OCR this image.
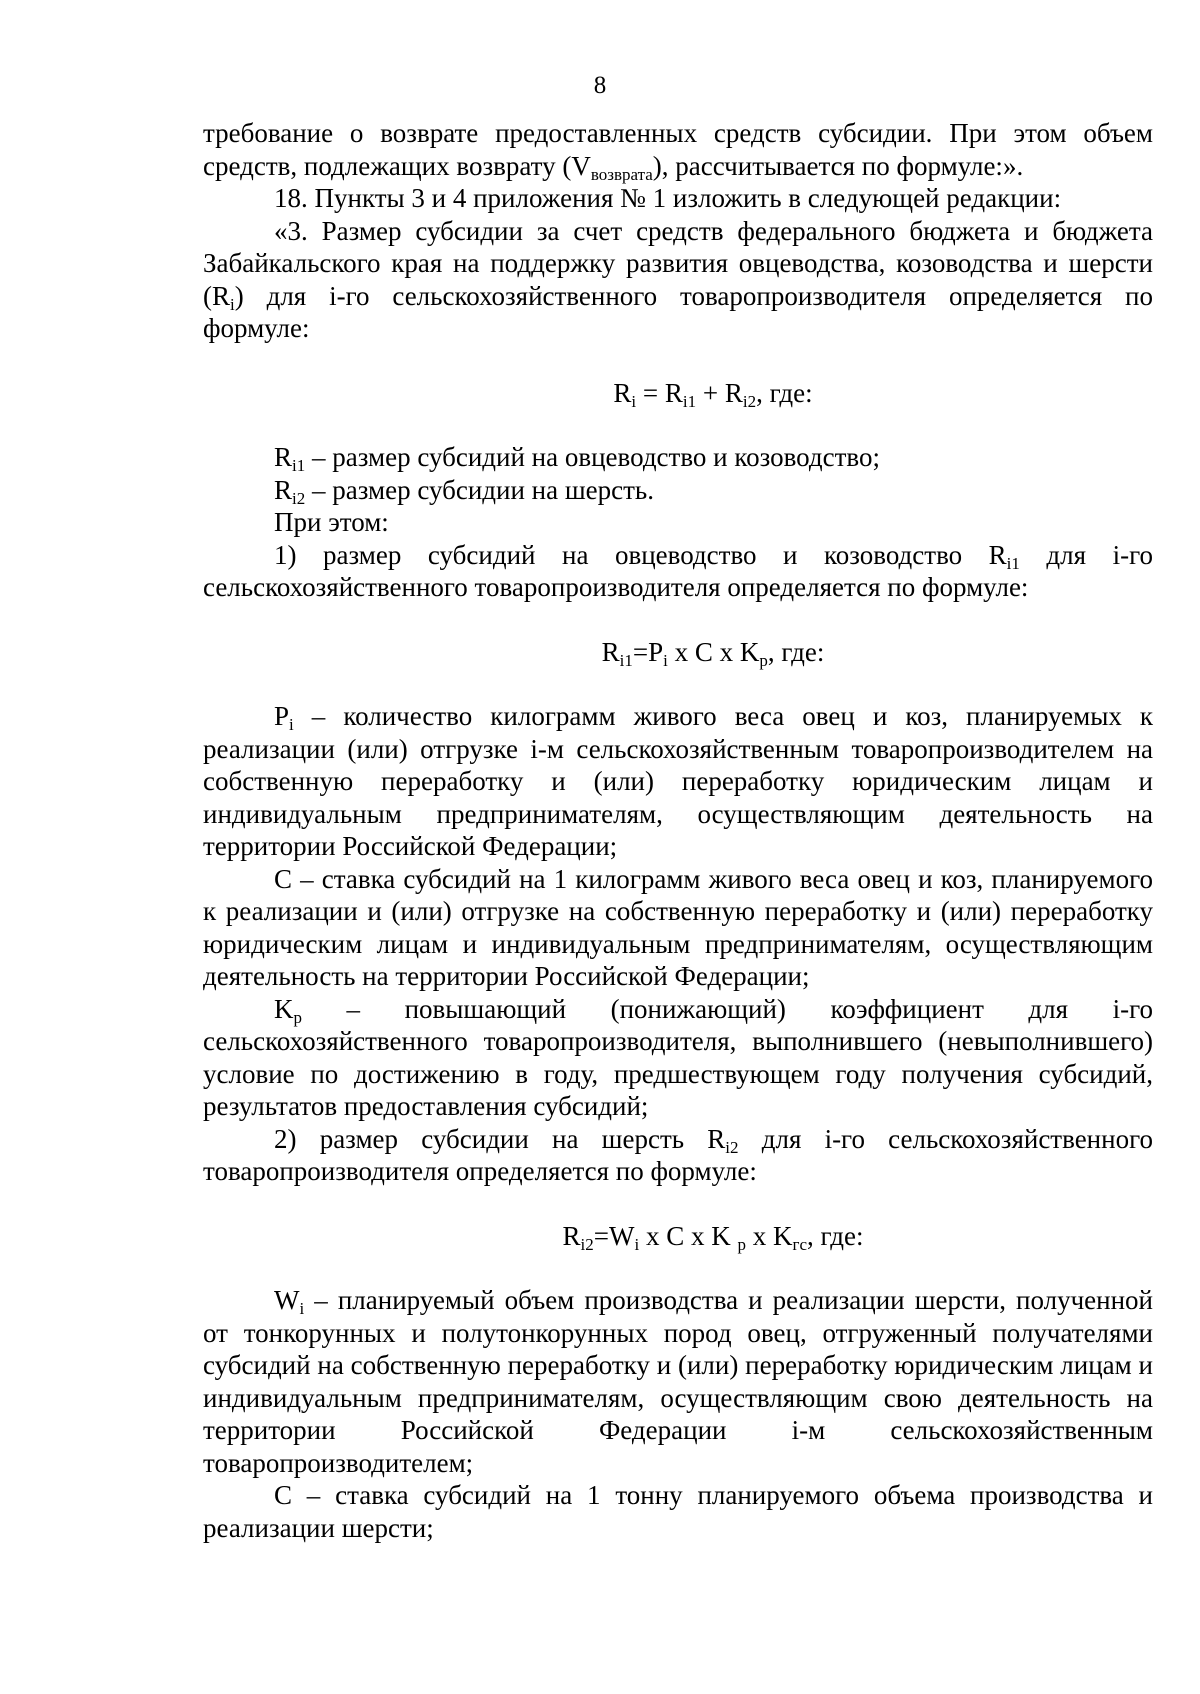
8

требование о возврате предоставленных средств субсидии. При этом объем средств, подлежащих возврату $(V_{возврата})$, рассчитывается по формуле:».

18. Пункты 3 и 4 приложения № 1 изложить в следующей редакции:

«3. Размер субсидии за счет средств федерального бюджета и бюджета Забайкальского края на поддержку развития овцеводства, козоводства и шерсти $(R_i)$ для i-го сельскохозяйственного товаропроизводителя определяется по формуле:

$R_i = R_{i1} + R_{i2}$, где:

$R_{i1}$ – размер субсидий на овцеводство и козоводство;

$R_{i2}$ – размер субсидии на шерсть.

При этом:

1) размер субсидий на овцеводство и козоводство $R_{i1}$ для i-го сельскохозяйственного товаропроизводителя определяется по формуле:

$R_{i1}=P_i$ x C x $K_р$, где:

$P_i$ – количество килограмм живого веса овец и коз, планируемых к реализации (или) отгрузке i-м сельскохозяйственным товаропроизводителем на собственную переработку и (или) переработку юридическим лицам и индивидуальным предпринимателям, осуществляющим деятельность на территории Российской Федерации;

C – ставка субсидий на 1 килограмм живого веса овец и коз, планируемого к реализации и (или) отгрузке на собственную переработку и (или) переработку юридическим лицам и индивидуальным предпринимателям, осуществляющим деятельность на территории Российской Федерации;

$K_р$ – повышающий (понижающий) коэффициент для i-го сельскохозяйственного товаропроизводителя, выполнившего (невыполнившего) условие по достижению в году, предшествующем году получения субсидий, результатов предоставления субсидий;

2) размер субсидии на шерсть $R_{i2}$ для i-го сельскохозяйственного товаропроизводителя определяется по формуле:

$R_{i2}=W_i$ x C x K $_р$ x $K_{гс}$, где:

$W_i$ – планируемый объем производства и реализации шерсти, полученной от тонкорунных и полутонкорунных пород овец, отгруженный получателями субсидий на собственную переработку и (или) переработку юридическим лицам и индивидуальным предпринимателям, осуществляющим свою деятельность на территории Российской Федерации i-м сельскохозяйственным товаропроизводителем;

C – ставка субсидий на 1 тонну планируемого объема производства и реализации шерсти;
